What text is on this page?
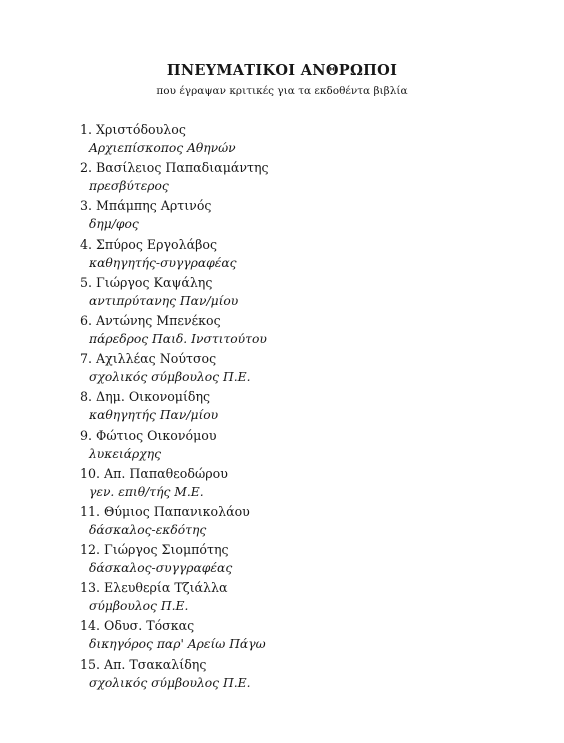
ΠΝΕΥΜΑΤΙΚΟΙ ΑΝΘΡΩΠΟΙ
που έγραψαν κριτικές για τα εκδοθέντα βιβλία
1. Χριστόδουλος
Αρχιεπίσκοπος Αθηνών
2. Βασίλειος Παπαδιαμάντης
πρεσβύτερος
3. Μπάμπης Αρτινός
δημ/φος
4. Σπύρος Εργολάβος
καθηγητής-συγγραφέας
5. Γιώργος Καψάλης
αντιπρύτανης Παν/μίου
6. Αντώνης Μπενέκος
πάρεδρος Παιδ. Ινστιτούτου
7. Αχιλλέας Νούτσος
σχολικός σύμβουλος Π.Ε.
8. Δημ. Οικονομίδης
καθηγητής Παν/μίου
9. Φώτιος Οικονόμου
λυκειάρχης
10. Απ. Παπαθεοδώρου
γεν. επιθ/τής Μ.Ε.
11. Θύμιος Παπανικολάου
δάσκαλος-εκδότης
12. Γιώργος Σιομπότης
δάσκαλος-συγγραφέας
13. Ελευθερία Τζιάλλα
σύμβουλος Π.Ε.
14. Οδυσ. Τόσκας
δικηγόρος παρ' Αρείω Πάγω
15. Απ. Τσακαλίδης
σχολικός σύμβουλος Π.Ε.
